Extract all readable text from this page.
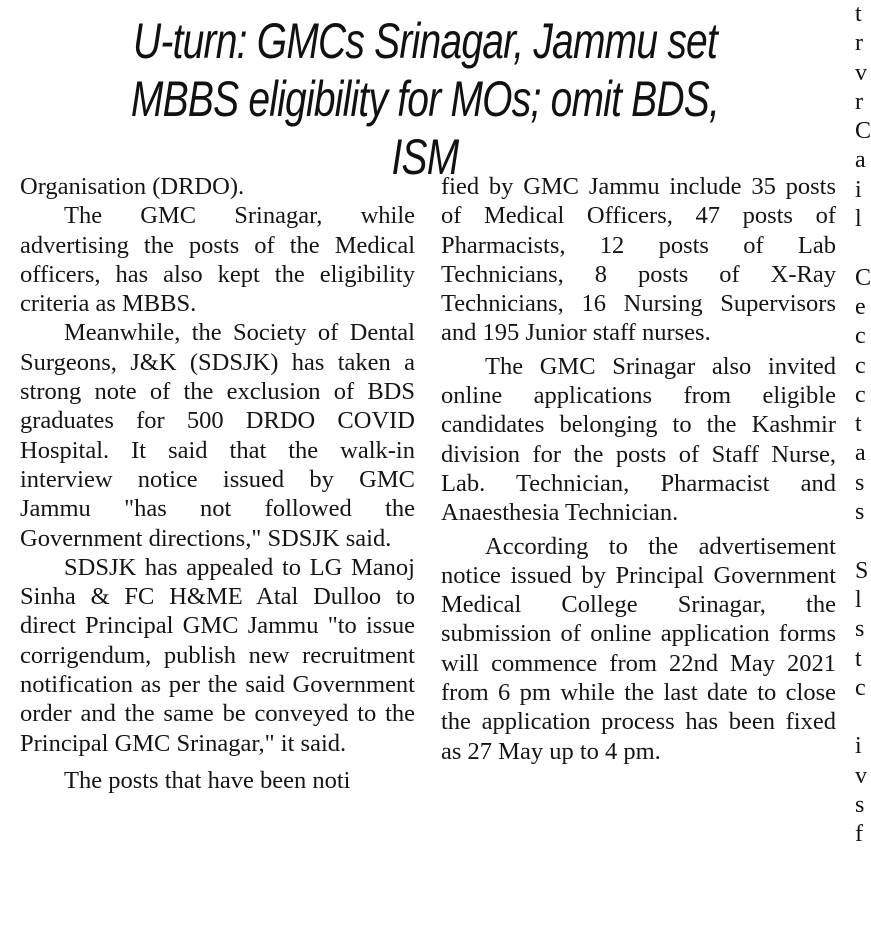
U-turn: GMCs Srinagar, Jammu set MBBS eligibility for MOs; omit BDS, ISM

Organisation (DRDO).

The GMC Srinagar, while advertising the posts of the Medical officers, has also kept the eligibility criteria as MBBS.

Meanwhile, the Society of Dental Surgeons, J&K (SDSJK) has taken a strong note of the exclusion of BDS graduates for 500 DRDO COVID Hospital. It said that the walk-in interview notice issued by GMC Jammu "has not followed the Government directions," SDSJK said.

SDSJK has appealed to LG Manoj Sinha & FC H&ME Atal Dulloo to direct Principal GMC Jammu "to issue corrigendum, publish new recruitment notification as per the said Government order and the same be conveyed to the Principal GMC Srinagar," it said.

The posts that have been noti

fied by GMC Jammu include 35 posts of Medical Officers, 47 posts of Pharmacists, 12 posts of Lab Technicians, 8 posts of X-Ray Technicians, 16 Nursing Supervisors and 195 Junior staff nurses.

The GMC Srinagar also invited online applications from eligible candidates belonging to the Kashmir division for the posts of Staff Nurse, Lab. Technician, Pharmacist and Anaesthesia Technician.

According to the advertisement notice issued by Principal Government Medical College Srinagar, the submission of online application forms will commence from 22nd May 2021 from 6 pm while the last date to close the application process has been fixed as 27 May up to 4 pm.

t
r
v
r
C
a
i
l
C
e
c
c
c
t
a
s
s
S
l
s
t
c
i
v
s
f
